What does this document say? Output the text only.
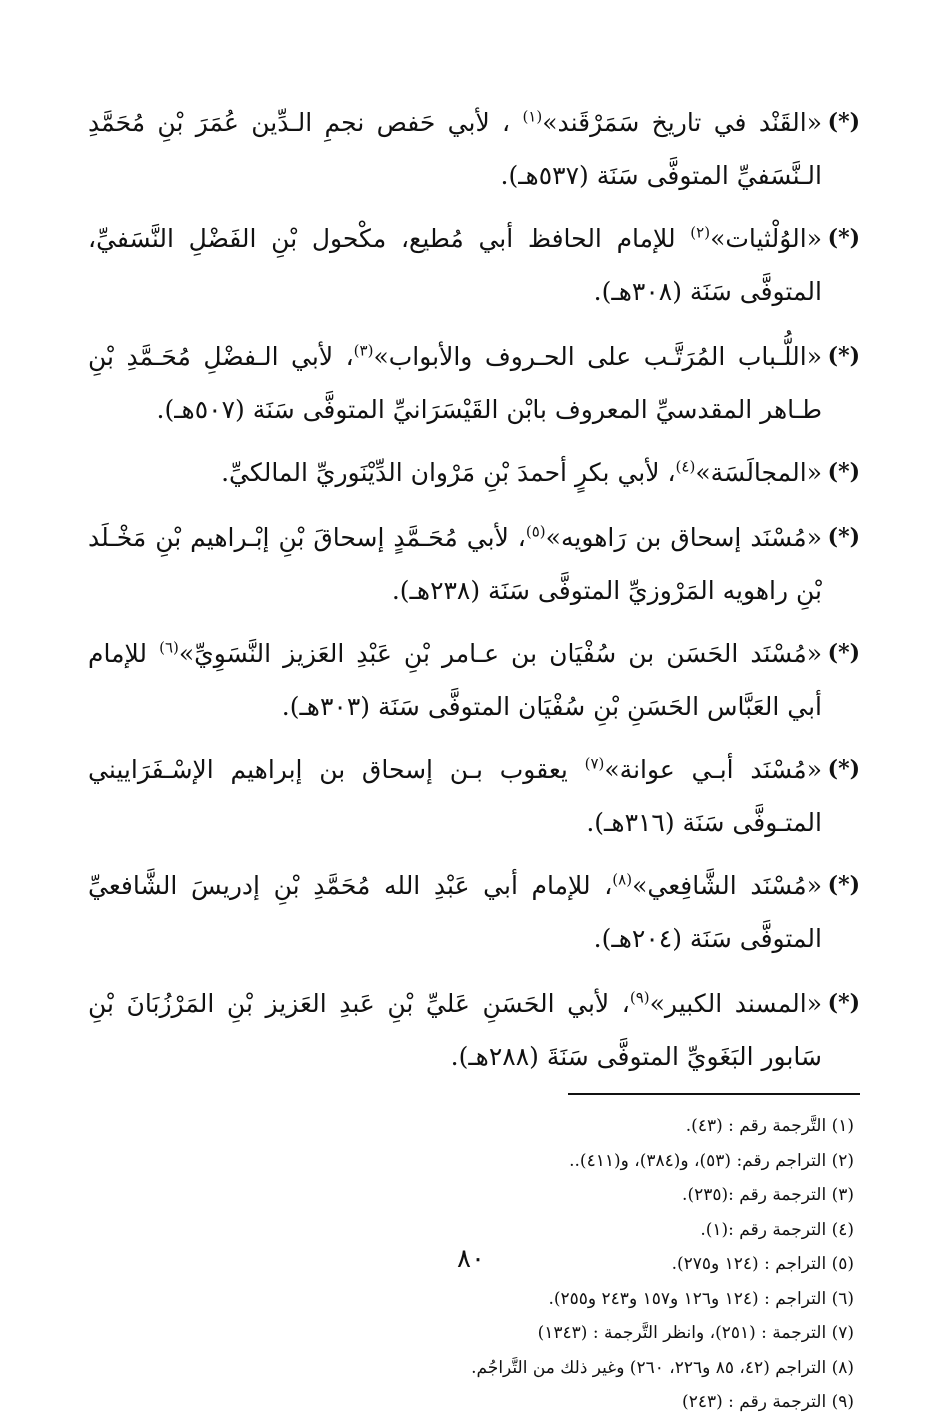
(*)
«القَنْد في تاريخ سَمَرْقَند»$^{(١)}$ ، لأبي حَفص نجمِ الـدِّين عُمَرَ بْنِ مُحَمَّدِ الـنَّسَفيِّ المتوفَّى سَنَة (٥٣٧هـ).

(*)
«الوُلْثيات»$^{(٢)}$ للإمام الحافظ أبي مُطيع، مكْحول بْنِ الفَضْلِ النَّسَفيِّ، المتوفَّى سَنَة (٣٠٨هـ).

(*)
«اللُّـباب المُرَتَّـب على الحـروف والأبواب»$^{(٣)}$، لأبي الـفضْلِ مُحَـمَّدِ بْنِ طـاهر المقدسيِّ المعروف بابْن القَيْسَرَانيِّ المتوفَّى سَنَة (٥٠٧هـ).

(*)
«المجالَسَة»$^{(٤)}$، لأبي بكرٍ أحمدَ بْنِ مَرْوان الدِّيْنَوريِّ المالكيِّ.

(*)
«مُسْنَد إسحاق بن رَاهويه»$^{(٥)}$، لأبي مُحَـمَّدٍ إسحاقَ بْنِ إبْـراهيم بْنِ مَخْـلَد بْنِ راهويه المَرْوزيِّ المتوفَّى سَنَة (٢٣٨هـ).

(*)
«مُسْنَد الحَسَن بن سُفْيَان بن عـامر بْنِ عَبْدِ العَزيز النَّسَوِيِّ»$^{(٦)}$ للإمام أبي العَبَّاس الحَسَنِ بْنِ سُفْيَان المتوفَّى سَنَة (٣٠٣هـ).

(*)
«مُسْنَد أبـي عوانة»$^{(٧)}$ يعقوب بـن إسحاق بن إبراهيم الإسْـفَرَاييني المتـوفَّى سَنَة (٣١٦هـ).

(*)
«مُسْنَد الشَّافِعي»$^{(٨)}$، للإمام أبي عَبْدِ الله مُحَمَّدِ بْنِ إدريسَ الشَّافعيِّ المتوفَّى سَنَة (٢٠٤هـ).

(*)
«المسند الكبير»$^{(٩)}$، لأبي الحَسَنِ عَليِّ بْنِ عَبدِ العَزيز بْنِ المَرْزُبَانَ بْنِ سَابور البَغَويِّ المتوفَّى سَنَةَ (٢٨٨هـ).

(١) التَّرجمة رقم : (٤٣).

(٢) التراجم رقم: (٥٣)، و(٣٨٤)، و(٤١١)..

(٣) الترجمة رقم :(٢٣٥).

(٤) الترجمة رقم :(١).

(٥) التراجم : (١٢٤ و٢٧٥).

(٦) التراجم : (١٢٤ و١٢٦ و١٥٧ و٢٤٣ و٢٥٥).

(٧) الترجمة : (٢٥١)، وانظر التَّرجمة : (١٣٤٣)

(٨) التراجم (٤٢، ٨٥ و٢٢٦، ٢٦٠) وغير ذلك من التَّراجُم.

(٩) الترجمة رقم : (٢٤٣)

٨٠
